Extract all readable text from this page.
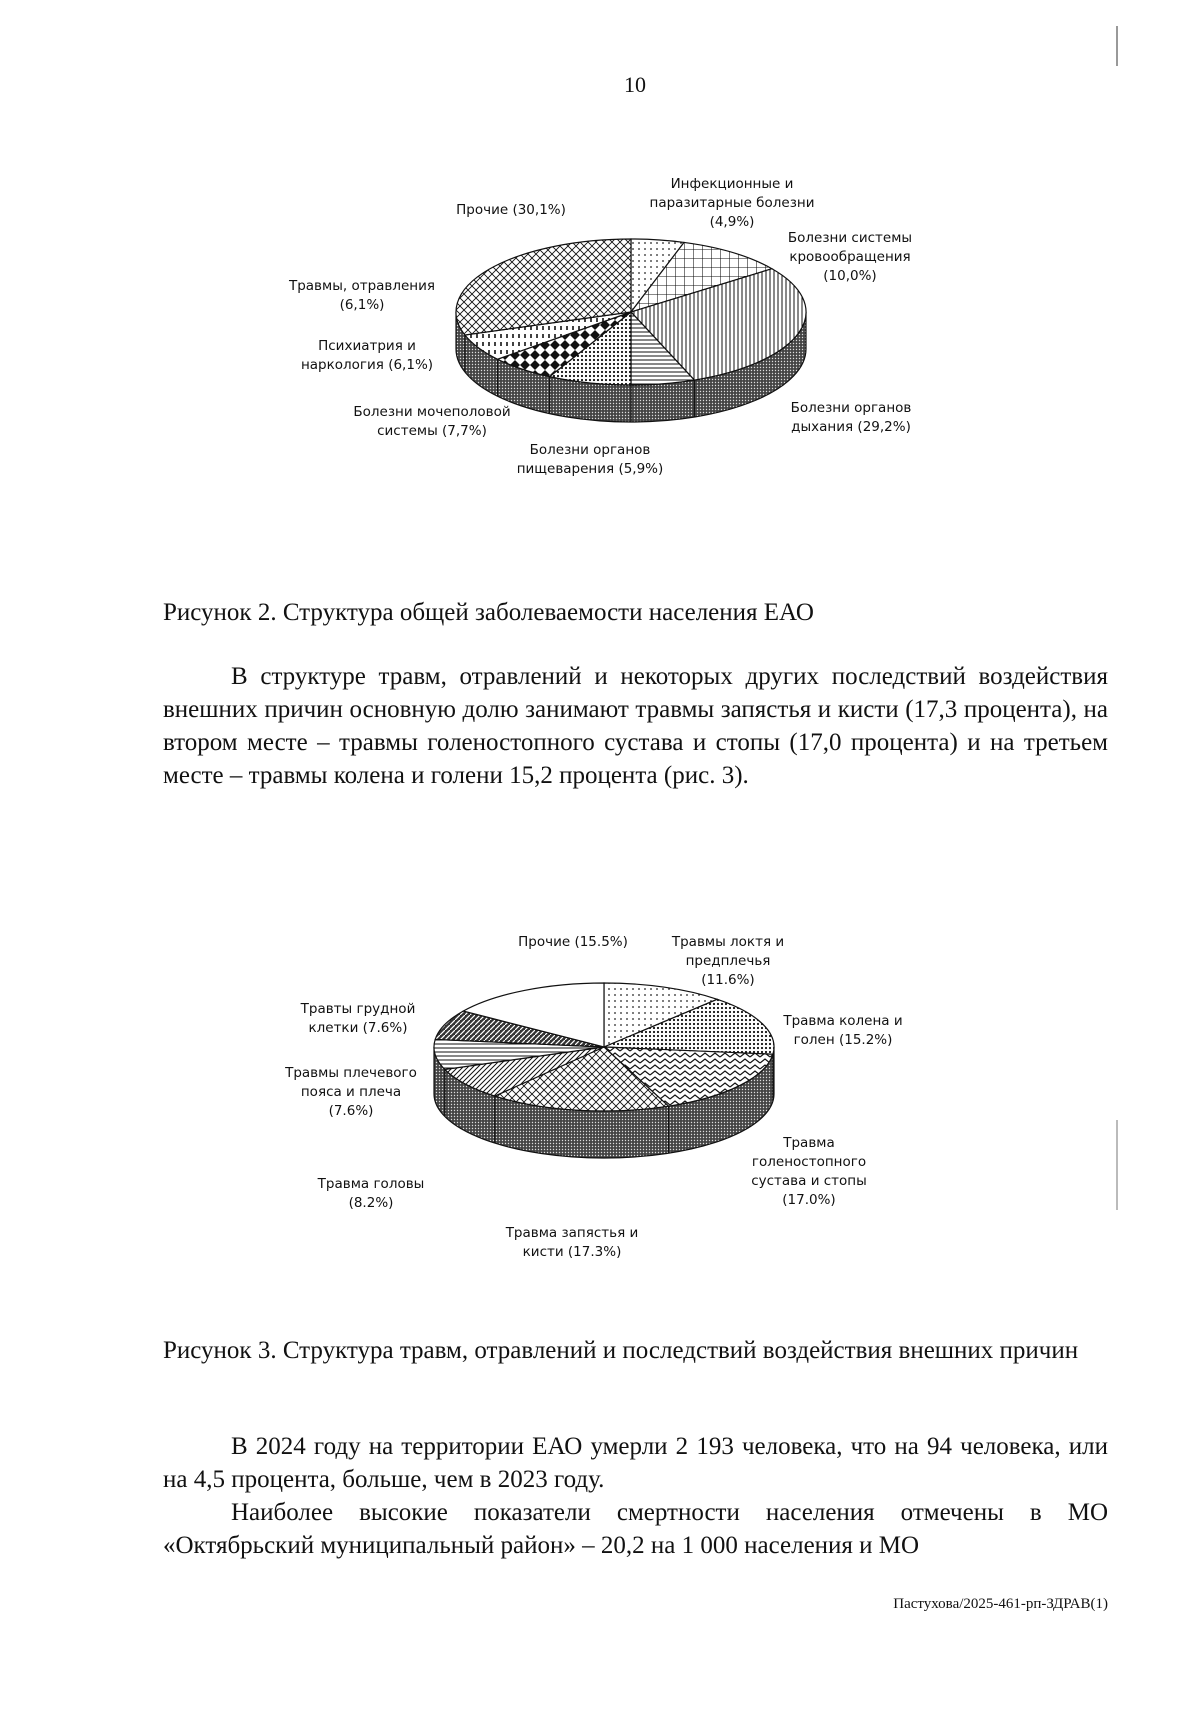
10
Инфекционные и паразитарные болезни (4,9%)
Болезни системы кровообращения (10,0%)
Болезни органов дыхания (29,2%)
Болезни органов пищеварения (5,9%)
Болезни мочеполовой системы (7,7%)
Психиатрия и наркология (6,1%)
Травмы, отравления (6,1%)
Прочие (30,1%)
Рисунок 2. Структура общей заболеваемости населения ЕАО

В структуре травм, отравлений и некоторых других последствий воздействия внешних причин основную долю занимают травмы запястья и кисти (17,3 процента), на втором месте – травмы голеностопного сустава и стопы (17,0 процента) и на третьем месте – травмы колена и голени 15,2 процента (рис. 3).

Травмы локтя и предплечья (11.6%)
Травма колена и голен (15.2%)
Травма голеностопного сустава и стопы (17.0%)
Травма запястья и кисти (17.3%)
Травма головы (8.2%)
Травмы плечевого пояса и плеча (7.6%)
Травты грудной клетки (7.6%)
Прочие (15.5%)
Рисунок 3. Структура травм, отравлений и последствий воздействия внешних причин

В 2024 году на территории ЕАО умерли 2 193 человека, что на 94 человека, или на 4,5 процента, больше, чем в 2023 году.

Наиболее высокие показатели смертности населения отмечены в МО «Октябрьский муниципальный район» – 20,2 на 1 000 населения и МО

Пастухова/2025-461-рп-ЗДРАВ(1)
